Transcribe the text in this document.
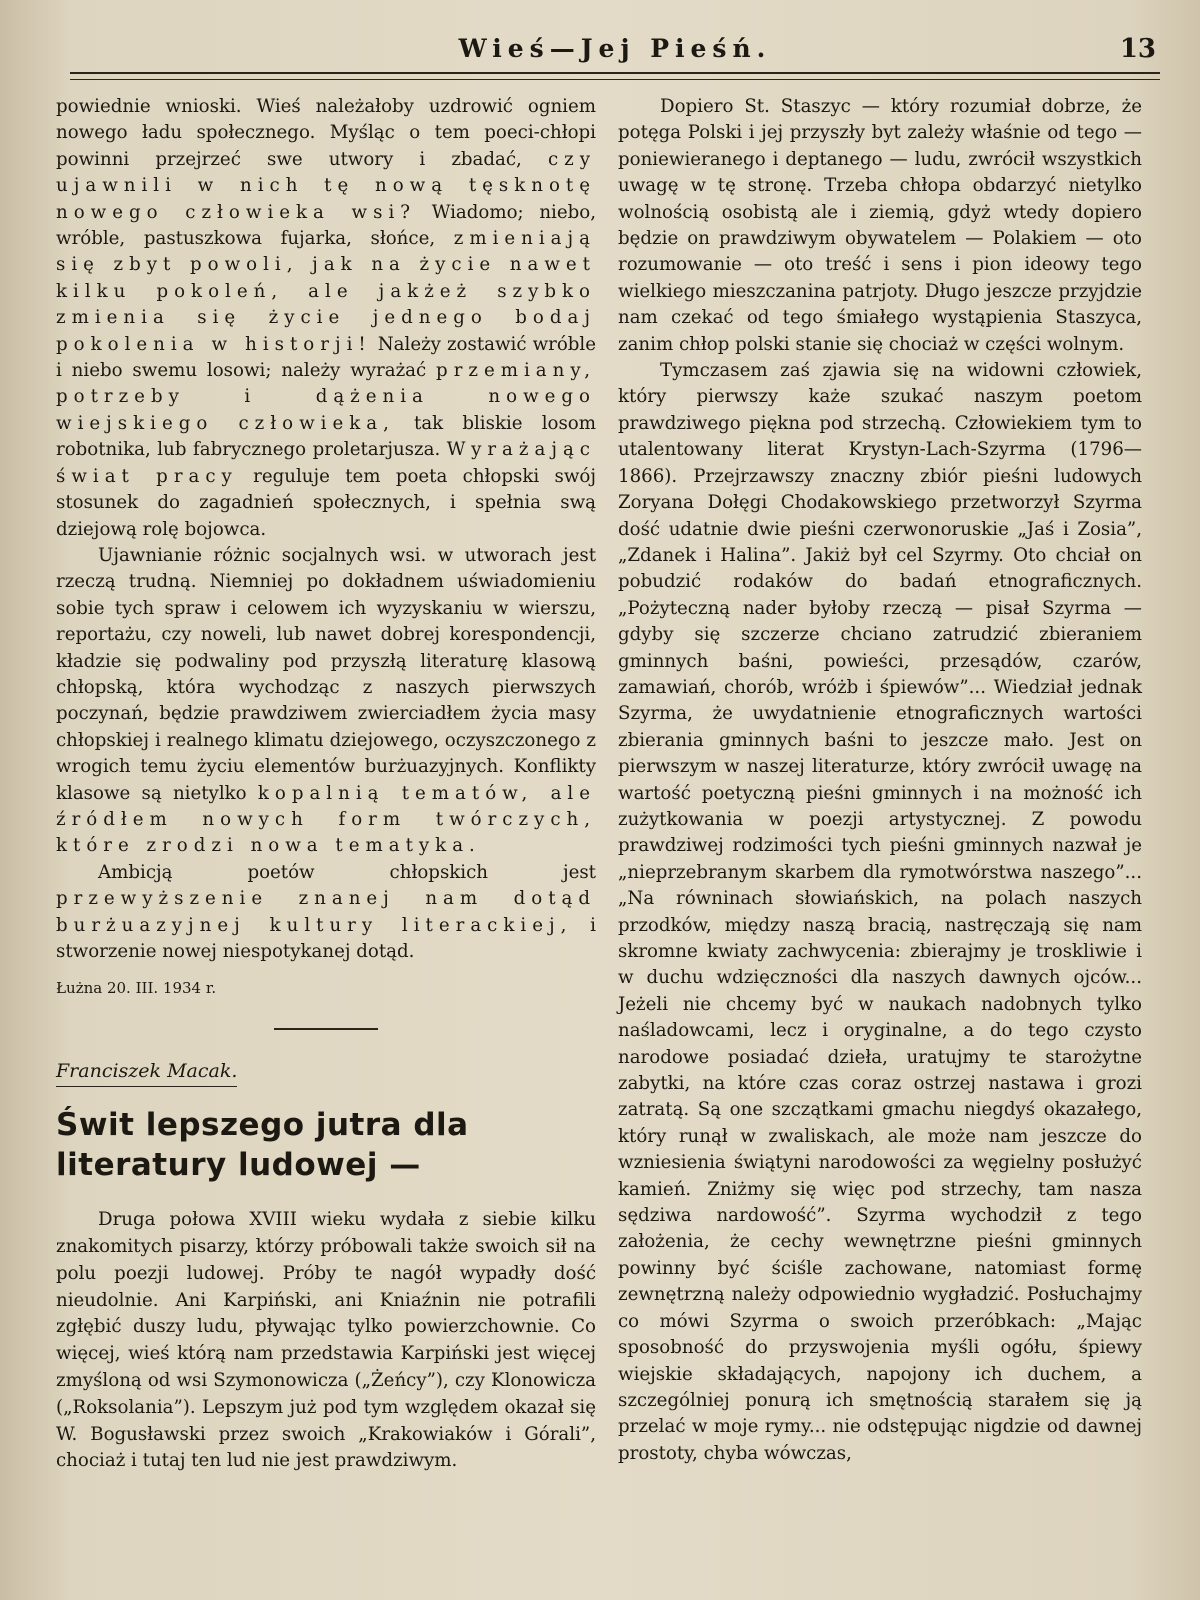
Wieś—Jej Pieśń.	13

powiednie wnioski. Wieś należałoby uzdrowić ogniem nowego ładu społecznego. Myśląc o tem poeci-chłopi powinni przejrzeć swe utwory i zbadać, czy ujawnili w nich tę nową tęsknotę nowego człowieka wsi? Wiadomo; niebo, wróble, pastuszkowa fujarka, słońce, zmieniają się zbyt powoli, jak na życie nawet kilku pokoleń, ale jakżeż szybko zmienia się życie jednego bodaj pokolenia w historji! Należy zostawić wróble i niebo swemu losowi; należy wyrażać przemiany, potrzeby i dążenia nowego wiejskiego człowieka, tak bliskie losom robotnika, lub fabrycznego proletarjusza. Wyrażając świat pracy reguluje tem poeta chłopski swój stosunek do zagadnień społecznych, i spełnia swą dziejową rolę bojowca.

Ujawnianie różnic socjalnych wsi. w utworach jest rzeczą trudną. Niemniej po dokładnem uświadomieniu sobie tych spraw i celowem ich wyzyskaniu w wierszu, reportażu, czy noweli, lub nawet dobrej korespondencji, kładzie się podwaliny pod przyszłą literaturę klasową chłopską, która wychodząc z naszych pierwszych poczynań, będzie prawdziwem zwierciadłem życia masy chłopskiej i realnego klimatu dziejowego, oczyszczonego z wrogich temu życiu elementów burżuazyjnych. Konflikty klasowe są nietylko kopalnią tematów, ale źródłem nowych form twórczych, które zrodzi nowa tematyka.

Ambicją poetów chłopskich jest przewyższenie znanej nam dotąd burżuazyjnej kultury literackiej, i stworzenie nowej niespotykanej dotąd.

Łużna 20. III. 1934 r.

Franciszek Macak.

Świt lepszego jutra dla literatury ludowej —

Druga połowa XVIII wieku wydała z siebie kilku znakomitych pisarzy, którzy próbowali także swoich sił na polu poezji ludowej. Próby te nagół wypadły dość nieudolnie. Ani Karpiński, ani Kniaźnin nie potrafili zgłębić duszy ludu, pływając tylko powierzchownie. Co więcej, wieś którą nam przedstawia Karpiński jest więcej zmyśloną od wsi Szymonowicza („Żeńcy”), czy Klonowicza („Roksolania”). Lepszym już pod tym względem okazał się W. Bogusławski przez swoich „Krakowiaków i Górali”, chociaż i tutaj ten lud nie jest prawdziwym.

Dopiero St. Staszyc — który rozumiał dobrze, że potęga Polski i jej przyszły byt zależy właśnie od tego — poniewieranego i deptanego — ludu, zwrócił wszystkich uwagę w tę stronę. Trzeba chłopa obdarzyć nietylko wolnością osobistą ale i ziemią, gdyż wtedy dopiero będzie on prawdziwym obywatelem — Polakiem — oto rozumowanie — oto treść i sens i pion ideowy tego wielkiego mieszczanina patrjoty. Długo jeszcze przyjdzie nam czekać od tego śmiałego wystąpienia Staszyca, zanim chłop polski stanie się chociaż w części wolnym.

Tymczasem zaś zjawia się na widowni człowiek, który pierwszy każe szukać naszym poetom prawdziwego piękna pod strzechą. Człowiekiem tym to utalentowany literat Krystyn-Lach-Szyrma (1796—1866). Przejrzawszy znaczny zbiór pieśni ludowych Zoryana Dołęgi Chodakowskiego przetworzył Szyrma dość udatnie dwie pieśni czerwonoruskie „Jaś i Zosia”, „Zdanek i Halina”. Jakiż był cel Szyrmy. Oto chciał on pobudzić rodaków do badań etnograficznych. „Pożyteczną nader byłoby rzeczą — pisał Szyrma — gdyby się szczerze chciano zatrudzić zbieraniem gminnych baśni, powieści, przesądów, czarów, zamawiań, chorób, wróżb i śpiewów”... Wiedział jednak Szyrma, że uwydatnienie etnograficznych wartości zbierania gminnych baśni to jeszcze mało. Jest on pierwszym w naszej literaturze, który zwrócił uwagę na wartość poetyczną pieśni gminnych i na możność ich zużytkowania w poezji artystycznej. Z powodu prawdziwej rodzimości tych pieśni gminnych nazwał je „nieprzebranym skarbem dla rymotwórstwa naszego”... „Na równinach słowiańskich, na polach naszych przodków, między naszą bracią, nastręczają się nam skromne kwiaty zachwycenia: zbierajmy je troskliwie i w duchu wdzięczności dla naszych dawnych ojców... Jeżeli nie chcemy być w naukach nadobnych tylko naśladowcami, lecz i oryginalne, a do tego czysto narodowe posiadać dzieła, uratujmy te starożytne zabytki, na które czas coraz ostrzej nastawa i grozi zatratą. Są one szczątkami gmachu niegdyś okazałego, który runął w zwaliskach, ale może nam jeszcze do wzniesienia świątyni narodowości za węgielny posłużyć kamień. Zniżmy się więc pod strzechy, tam nasza sędziwa nardowość”. Szyrma wychodził z tego założenia, że cechy wewnętrzne pieśni gminnych powinny być ściśle zachowane, natomiast formę zewnętrzną należy odpowiednio wygładzić. Posłuchajmy co mówi Szyrma o swoich przeróbkach: „Mając sposobność do przyswojenia myśli ogółu, śpiewy wiejskie składających, napojony ich duchem, a szczególniej ponurą ich smętnością starałem się ją przelać w moje rymy... nie odstępując nigdzie od dawnej prostoty, chyba wówczas,
